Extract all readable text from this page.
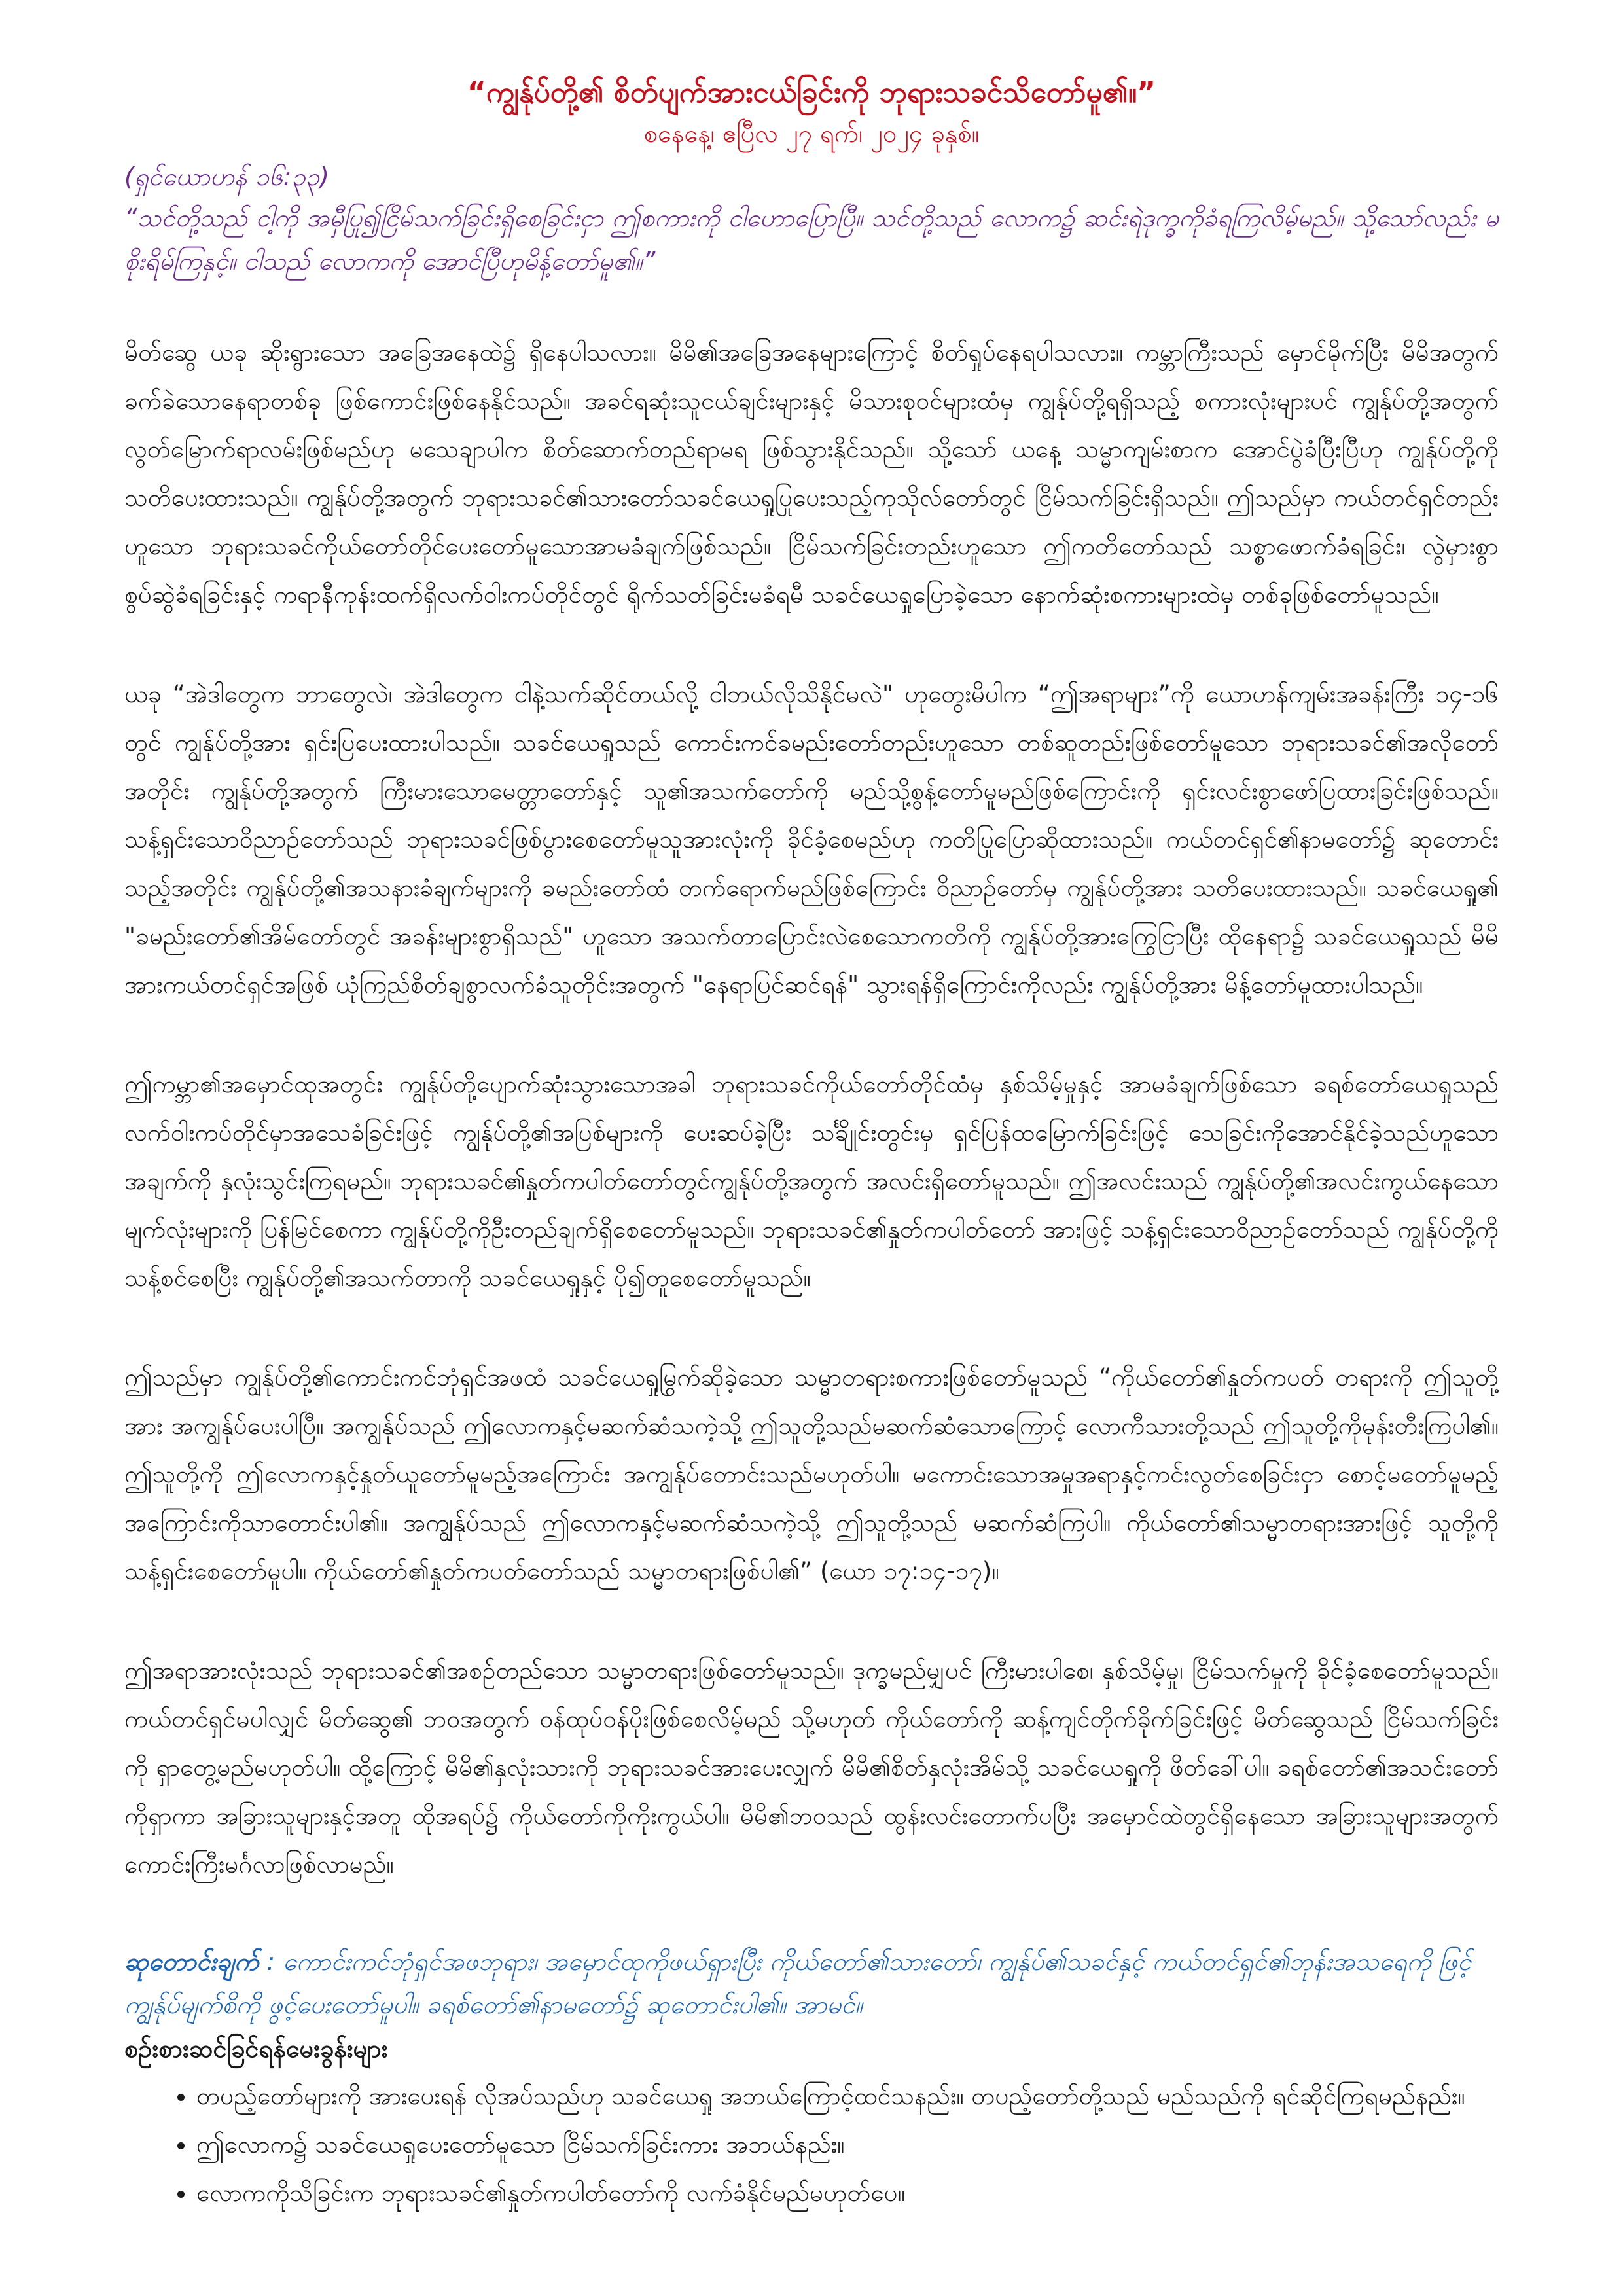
“ကျွန်ုပ်တို့၏ စိတ်ပျက်အားငယ်ခြင်းကို ဘုရားသခင်သိတော်မူ၏။”

စနေနေ့၊ ဧပြီလ ၂၇ ရက်၊ ၂၀၂၄ ခုနှစ်။

(ရှင်ယောဟန် ၁၆:၃၃)

“သင်တို့သည် ငါ့ကို အမှီပြု၍ငြိမ်သက်ခြင်းရှိစေခြင်းငှာ ဤစကားကို ငါဟောပြောပြီ။ သင်တို့သည် လောက၌ ဆင်းရဲဒုက္ခကိုခံရကြလိမ့်မည်။ သို့သော်လည်း မစိုးရိမ်ကြနှင့်။ ငါသည် လောကကို အောင်ပြီဟုမိန့်တော်မူ၏။”

မိတ်ဆွေ ယခု ဆိုးရွားသော အခြေအနေထဲ၌ ရှိနေပါသလား။ မိမိ၏အခြေအနေများကြောင့် စိတ်ရှုပ်နေရပါသလား။ ကမ္ဘာကြီးသည် မှောင်မိုက်ပြီး မိမိအတွက် ခက်ခဲသောနေရာတစ်ခု ဖြစ်ကောင်းဖြစ်နေနိုင်သည်။ အခင်ရဆုံးသူငယ်ချင်းများနှင့် မိသားစုဝင်များထံမှ ကျွန်ုပ်တို့ရရှိသည့် စကားလုံးများပင် ကျွန်ုပ်တို့အတွက် လွတ်မြောက်ရာလမ်းဖြစ်မည်ဟု မသေချာပါက စိတ်ဆောက်တည်ရာမရ ဖြစ်သွားနိုင်သည်။ သို့သော် ယနေ့ သမ္မာကျမ်းစာက အောင်ပွဲခံပြီးပြီဟု ကျွန်ုပ်တို့ကိုသတိပေးထားသည်။ ကျွန်ုပ်တို့အတွက် ဘုရားသခင်၏သားတော်သခင်ယေရှုပြုပေးသည့်ကုသိုလ်တော်တွင် ငြိမ်သက်ခြင်းရှိသည်။ ဤသည်မှာ ကယ်တင်ရှင်တည်းဟူသော ဘုရားသခင်ကိုယ်တော်တိုင်ပေးတော်မူသောအာမခံချက်ဖြစ်သည်။ ငြိမ်သက်ခြင်းတည်းဟူသော ဤကတိတော်သည် သစ္စာဖောက်ခံရခြင်း၊ လွဲမှားစွာစွပ်ဆွဲခံရခြင်းနှင့် ကရာနီကုန်းထက်ရှိလက်ဝါးကပ်တိုင်တွင် ရိုက်သတ်ခြင်းမခံရမီ သခင်ယေရှုပြောခဲ့သော နောက်ဆုံးစကားများထဲမှ တစ်ခုဖြစ်တော်မူသည်။

ယခု “အဲဒါတွေက ဘာတွေလဲ၊ အဲဒါတွေက ငါနဲ့သက်ဆိုင်တယ်လို့ ငါဘယ်လိုသိနိုင်မလဲ" ဟုတွေးမိပါက “ဤအရာများ”ကို ယောဟန်ကျမ်းအခန်းကြီး ၁၄-၁၆ တွင် ကျွန်ုပ်တို့အား ရှင်းပြပေးထားပါသည်။ သခင်ယေရှုသည် ကောင်းကင်ခမည်းတော်တည်းဟူသော တစ်ဆူတည်းဖြစ်တော်မူသော ဘုရားသခင်၏အလိုတော်အတိုင်း ကျွန်ုပ်တို့အတွက် ကြီးမားသောမေတ္တာတော်နှင့် သူ၏အသက်တော်ကို မည်သို့စွန့်တော်မူမည်ဖြစ်ကြောင်းကို ရှင်းလင်းစွာဖော်ပြထားခြင်းဖြစ်သည်။ သန့်ရှင်းသောဝိညာဉ်တော်သည် ဘုရားသခင်ဖြစ်ပွားစေတော်မူသူအားလုံးကို ခိုင်ခံ့စေမည်ဟု ကတိပြုပြောဆိုထားသည်။ ကယ်တင်ရှင်၏နာမတော်၌ ဆုတောင်းသည့်အတိုင်း ကျွန်ုပ်တို့၏အသနားခံချက်များကို ခမည်းတော်ထံ တက်ရောက်မည်ဖြစ်ကြောင်း ဝိညာဉ်တော်မှ ကျွန်ုပ်တို့အား သတိပေးထားသည်။ သခင်ယေရှု၏ "ခမည်းတော်၏အိမ်တော်တွင် အခန်းများစွာရှိသည်" ဟူသော အသက်တာပြောင်းလဲစေသောကတိကို ကျွန်ုပ်တို့အားကြွေငြာပြီး ထိုနေရာ၌ သခင်ယေရှုသည် မိမိအားကယ်တင်ရှင်အဖြစ် ယုံကြည်စိတ်ချစွာလက်ခံသူတိုင်းအတွက် "နေရာပြင်ဆင်ရန်" သွားရန်ရှိကြောင်းကိုလည်း ကျွန်ုပ်တို့အား မိန့်တော်မူထားပါသည်။

ဤကမ္ဘာ၏အမှောင်ထုအတွင်း ကျွန်ုပ်တို့ပျောက်ဆုံးသွားသောအခါ ဘုရားသခင်ကိုယ်တော်တိုင်ထံမှ နှစ်သိမ့်မှုနှင့် အာမခံချက်ဖြစ်သော ခရစ်တော်ယေရှုသည် လက်ဝါးကပ်တိုင်မှာအသေခံခြင်းဖြင့် ကျွန်ုပ်တို့၏အပြစ်များကို ပေးဆပ်ခဲ့ပြီး သင်္ချိုင်းတွင်းမှ ရှင်ပြန်ထမြောက်ခြင်းဖြင့် သေခြင်းကိုအောင်နိုင်ခဲ့သည်ဟူသောအချက်ကို နှလုံးသွင်းကြရမည်။ ဘုရားသခင်၏နှုတ်ကပါတ်တော်တွင်ကျွန်ုပ်တို့အတွက် အလင်းရှိတော်မူသည်။ ဤအလင်းသည် ကျွန်ုပ်တို့၏အလင်းကွယ်နေသောမျက်လုံးများကို ပြန်မြင်စေကာ ကျွန်ုပ်တို့ကိုဦးတည်ချက်ရှိစေတော်မူသည်။ ဘုရားသခင်၏နှုတ်ကပါတ်တော် အားဖြင့် သန့်ရှင်းသောဝိညာဉ်တော်သည် ကျွန်ုပ်တို့ကို သန့်စင်စေပြီး ကျွန်ုပ်တို့၏အသက်တာကို သခင်ယေရှုနှင့် ပို၍တူစေတော်မူသည်။

ဤသည်မှာ ကျွန်ုပ်တို့၏ကောင်းကင်ဘုံရှင်အဖထံ သခင်ယေရှုမြွက်ဆိုခဲ့သော သမ္မာတရားစကားဖြစ်တော်မူသည် “ကိုယ်တော်၏နှုတ်ကပတ် တရားကို ဤသူတို့အား အကျွန်ုပ်ပေးပါပြီ။ အကျွန်ုပ်သည် ဤလောကနှင့်မဆက်ဆံသကဲ့သို့ ဤသူတို့သည်မဆက်ဆံသောကြောင့် လောကီသားတို့သည် ဤသူတို့ကိုမုန်းတီးကြပါ၏။ ဤသူတို့ကို ဤလောကနှင့်နှုတ်ယူတော်မူမည့်အကြောင်း အကျွန်ုပ်တောင်းသည်မဟုတ်ပါ။ မကောင်းသောအမှုအရာနှင့်ကင်းလွတ်စေခြင်းငှာ စောင့်မတော်မူမည့်အကြောင်းကိုသာတောင်းပါ၏။ အကျွန်ုပ်သည် ဤလောကနှင့်မဆက်ဆံသကဲ့သို့ ဤသူတို့သည် မဆက်ဆံကြပါ။ ကိုယ်တော်၏သမ္မာတရားအားဖြင့် သူတို့ကိုသန့်ရှင်းစေတော်မူပါ။ ကိုယ်တော်၏နှုတ်ကပတ်တော်သည် သမ္မာတရားဖြစ်ပါ၏” (ယော ၁၇:၁၄-၁၇)။

ဤအရာအားလုံးသည် ဘုရားသခင်၏အစဉ်တည်သော သမ္မာတရားဖြစ်တော်မူသည်။ ဒုက္ခမည်မျှပင် ကြီးမားပါစေ၊ နှစ်သိမ့်မှု၊ ငြိမ်သက်မှုကို ခိုင်ခံ့စေတော်မူသည်။ ကယ်တင်ရှင်မပါလျှင် မိတ်ဆွေ၏ ဘဝအတွက် ဝန်ထုပ်ဝန်ပိုးဖြစ်စေလိမ့်မည် သို့မဟုတ် ကိုယ်တော်ကို ဆန့်ကျင်တိုက်ခိုက်ခြင်းဖြင့် မိတ်ဆွေသည် ငြိမ်သက်ခြင်းကို ရှာတွေ့မည်မဟုတ်ပါ။ ထို့ကြောင့် မိမိ၏နှလုံးသားကို ဘုရားသခင်အားပေးလျှက် မိမိ၏စိတ်နှလုံးအိမ်သို့ သခင်ယေရှုကို ဖိတ်ခေါ်ပါ။ ခရစ်တော်၏အသင်းတော်ကိုရှာကာ အခြားသူများနှင့်အတူ ထိုအရပ်၌ ကိုယ်တော်ကိုကိုးကွယ်ပါ။ မိမိ၏ဘဝသည် ထွန်းလင်းတောက်ပပြီး အမှောင်ထဲတွင်ရှိနေသော အခြားသူများအတွက် ကောင်းကြီးမင်္ဂလာဖြစ်လာမည်။

ဆုတောင်းချက် : ကောင်းကင်ဘုံရှင်အဖဘုရား၊ အမှောင်ထုကိုဖယ်ရှားပြီး ကိုယ်တော်၏သားတော်၊ ကျွန်ုပ်၏သခင်နှင့် ကယ်တင်ရှင်၏ဘုန်းအသရေကို ဖြင့် ကျွန်ုပ်မျက်စိကို ဖွင့်ပေးတော်မူပါ။ ခရစ်တော်၏နာမတော်၌ ဆုတောင်းပါ၏။ အာမင်။

စဉ်းစားဆင်ခြင်ရန်မေးခွန်းများ

• တပည့်တော်များကို အားပေးရန် လိုအပ်သည်ဟု သခင်ယေရှု အဘယ်ကြောင့်ထင်သနည်း။ တပည့်တော်တို့သည် မည်သည်ကို ရင်ဆိုင်ကြရမည်နည်း။
• ဤလောက၌ သခင်ယေရှုပေးတော်မူသော ငြိမ်သက်ခြင်းကား အဘယ်နည်း။
• လောကကိုသိခြင်းက ဘုရားသခင်၏နှုတ်ကပါတ်တော်ကို လက်ခံနိုင်မည်မဟုတ်ပေ။
